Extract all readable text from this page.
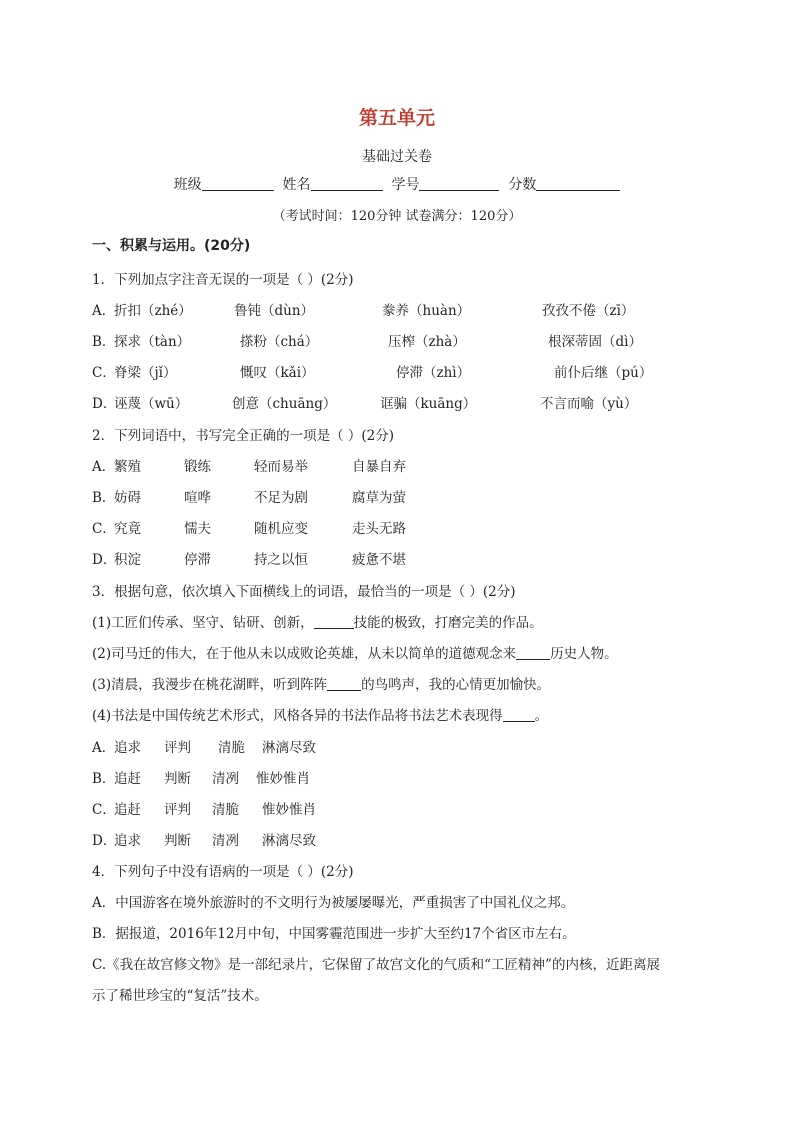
第五单元
基础过关卷
班级	姓名	学号	分数
（考试时间：120分钟 试卷满分：120分）
一、积累与运用。(20分)
1．下列加点字注音无误的一项是（ ）(2分)
A．
折扣（zhé）	鲁钝（dùn）	豢养（huàn）	孜孜不倦（zī）
B．
探求（tàn）	搽粉（chá）	压榨（zhà）	根深蒂固（dì）
C．
脊梁（jǐ）	慨叹（kǎi）	停滞（zhì）	前仆后继（pú）
D．
诬蔑（wū）	创意（chuāng）	诓骗（kuāng）	不言而喻（yù）
2．下列词语中，书写完全正确的一项是（ ）(2分)
A．
繁殖	锻练	轻而易举	自暴自弃
B．
妨碍	喧哗	不足为剧	腐草为萤
C．
究竟	懦夫	随机应变	走头无路
D．
积淀	停滞	持之以恒	疲惫不堪
3．根据句意，依次填入下面横线上的词语，最恰当的一项是（ ）(2分)
(1)工匠们传承、坚守、钻研、创新，	技能的极致，打磨完美的作品。
(2)司马迁的伟大，在于他从未以成败论英雄，从未以简单的道德观念来	历史人物。
(3)清晨，我漫步在桃花湖畔，听到阵阵	的鸟鸣声，我的心情更加愉快。
(4)书法是中国传统艺术形式，风格各异的书法作品将书法艺术表现得 。
A．
追求 评判 清脆 淋漓尽致
B．
追赶 判断 清冽 惟妙惟肖
C．
追赶 评判 清脆 惟妙惟肖
D．
追求 判断 清冽 淋漓尽致
4．下列句子中没有语病的一项是（ ）(2分)
A．中国游客在境外旅游时的不文明行为被屡屡曝光，严重损害了中国礼仪之邦。
B．据报道，2016年12月中旬，中国雾霾范围进一步扩大至约17个省区市左右。
C.《我在故宫修文物》是一部纪录片，它保留了故宫文化的气质和“工匠精神”的内核，近距离展
示了稀世珍宝的“复活”技术。
